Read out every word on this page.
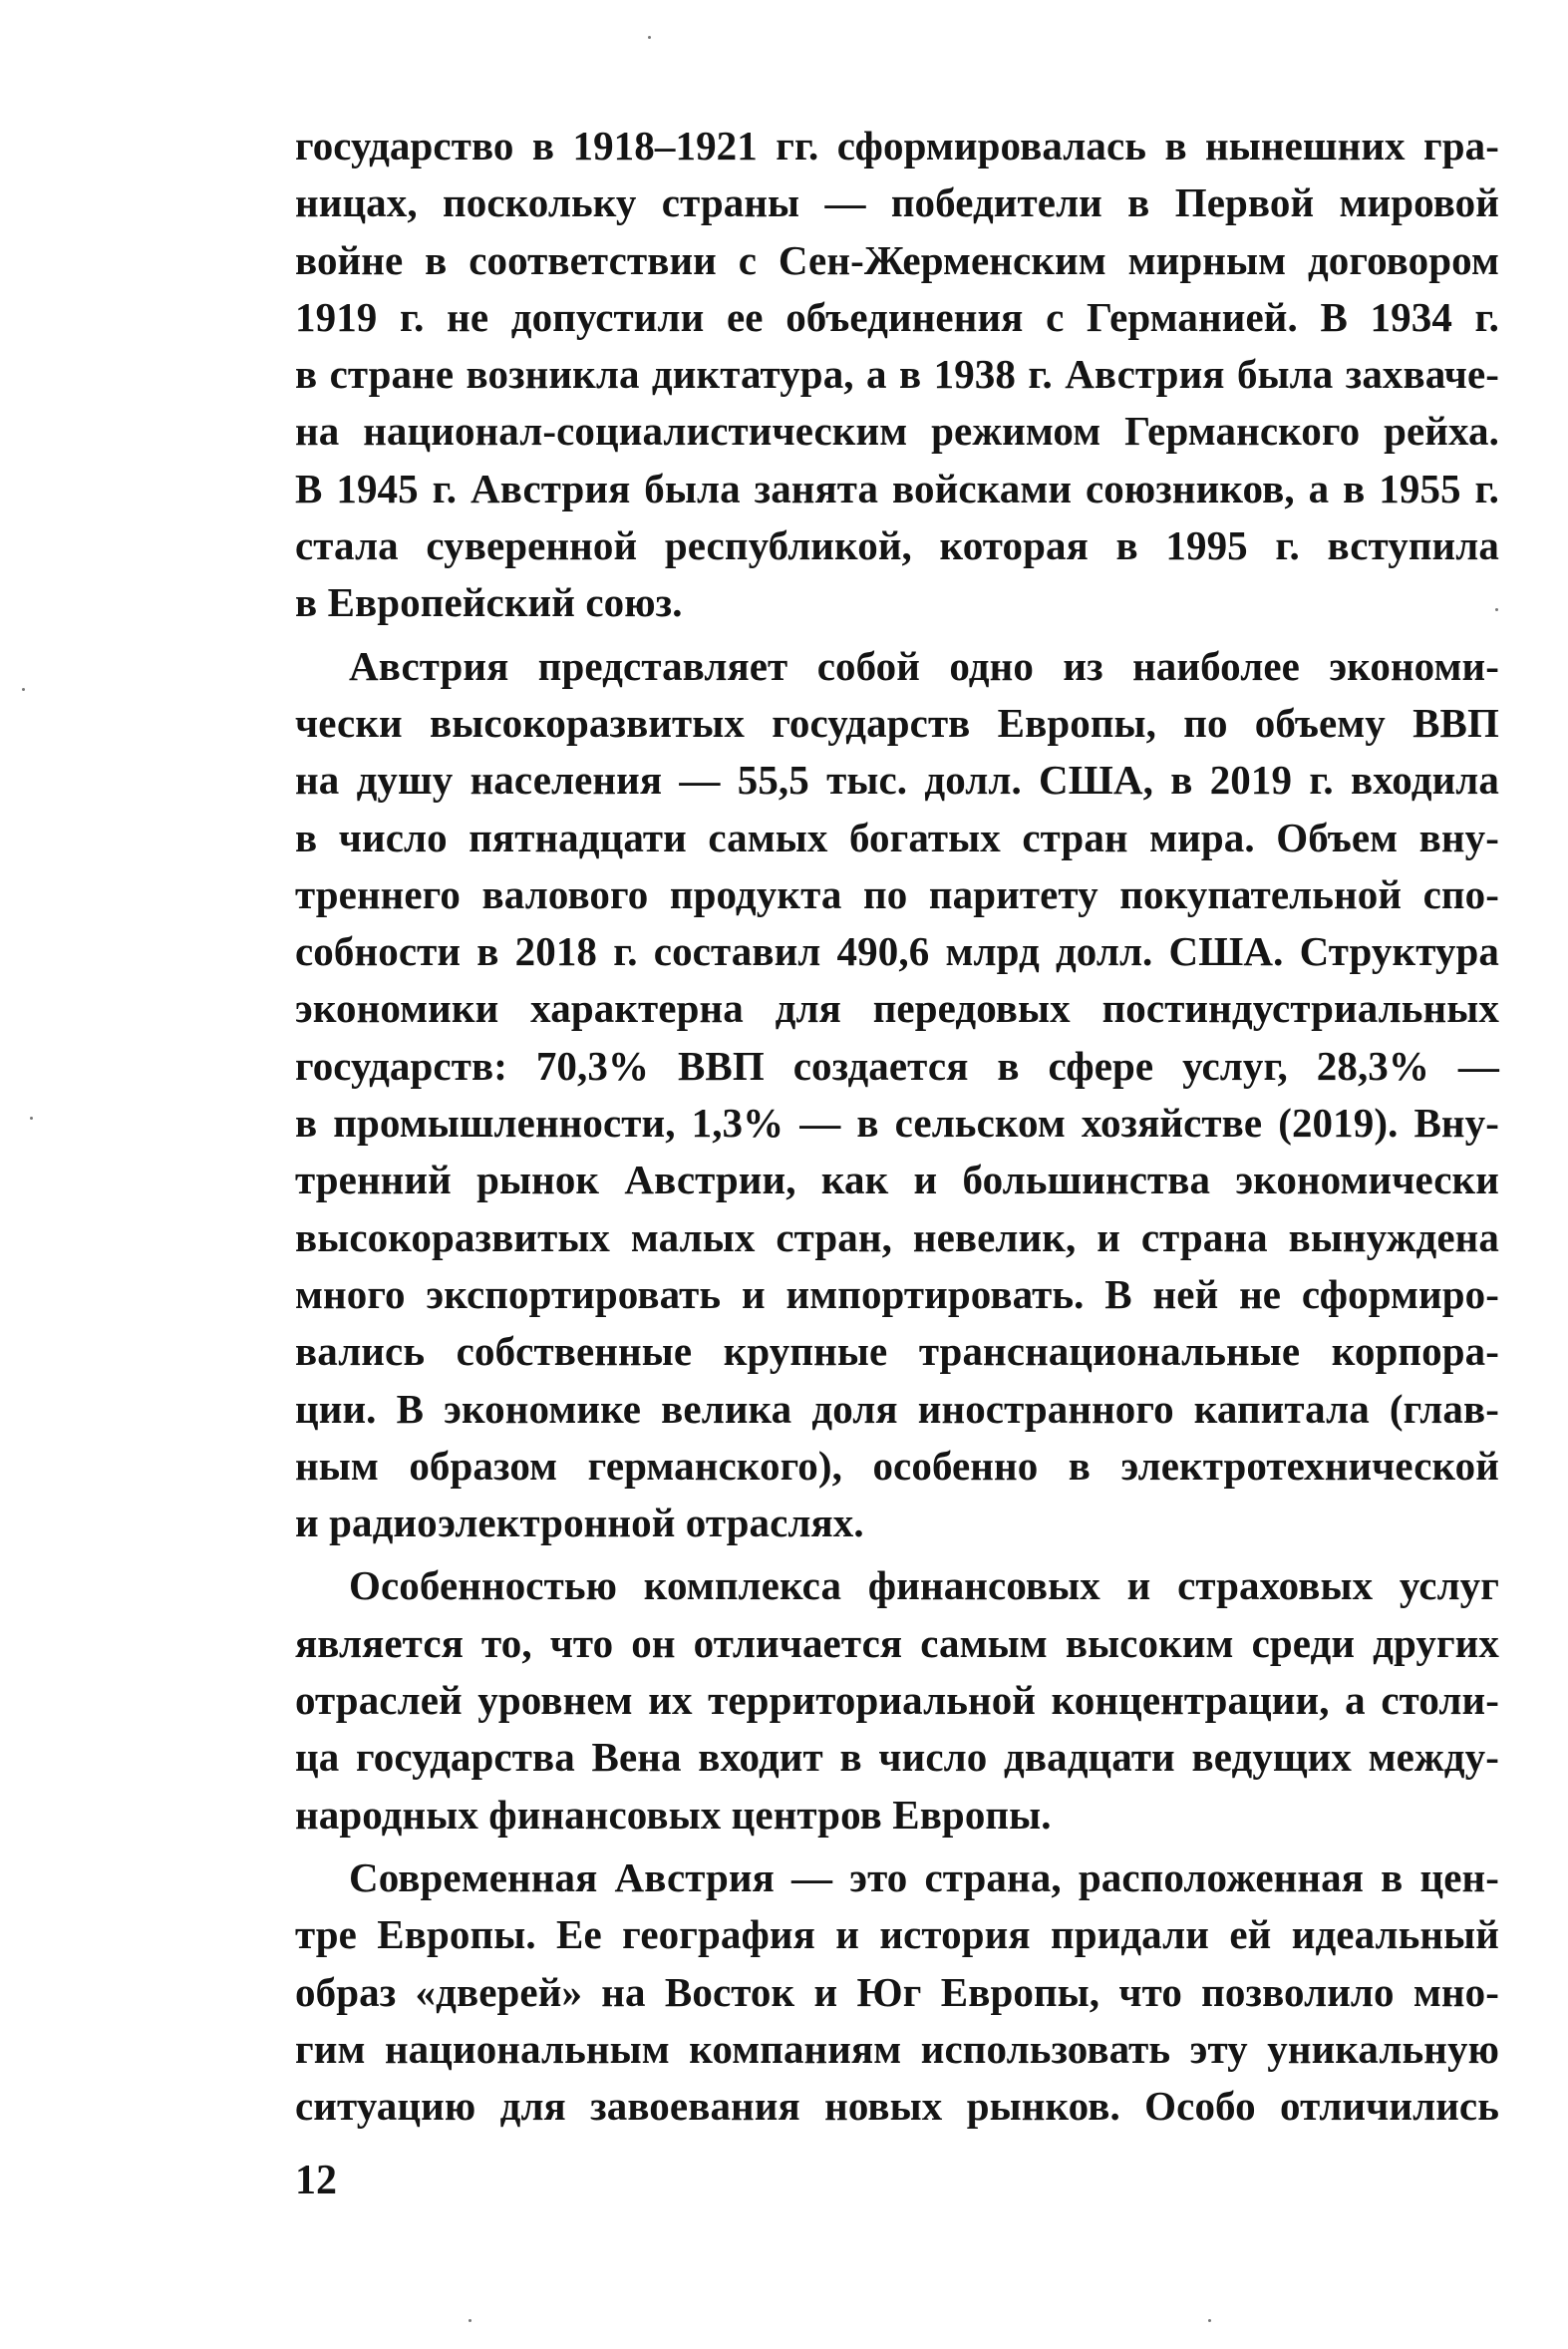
государство в 1918–1921 гг. сформировалась в нынешних гра-
ницах, поскольку страны — победители в Первой мировой
войне в соответствии с Сен-Жерменским мирным договором
1919 г. не допустили ее объединения с Германией. В 1934 г.
в стране возникла диктатура, а в 1938 г. Австрия была захваче-
на национал-социалистическим режимом Германского рейха.
В 1945 г. Австрия была занята войсками союзников, а в 1955 г.
стала суверенной республикой, которая в 1995 г. вступила
в Европейский союз.
Австрия представляет собой одно из наиболее экономи-
чески высокоразвитых государств Европы, по объему ВВП
на душу населения — 55,5 тыс. долл. США, в 2019 г. входила
в число пятнадцати самых богатых стран мира. Объем вну-
треннего валового продукта по паритету покупательной спо-
собности в 2018 г. составил 490,6 млрд долл. США. Структура
экономики характерна для передовых постиндустриальных
государств: 70,3% ВВП создается в сфере услуг, 28,3% —
в промышленности, 1,3% — в сельском хозяйстве (2019). Вну-
тренний рынок Австрии, как и большинства экономически
высокоразвитых малых стран, невелик, и страна вынуждена
много экспортировать и импортировать. В ней не сформиро-
вались собственные крупные транснациональные корпора-
ции. В экономике велика доля иностранного капитала (глав-
ным образом германского), особенно в электротехнической
и радиоэлектронной отраслях.
Особенностью комплекса финансовых и страховых услуг
является то, что он отличается самым высоким среди других
отраслей уровнем их территориальной концентрации, а столи-
ца государства Вена входит в число двадцати ведущих между-
народных финансовых центров Европы.
Современная Австрия — это страна, расположенная в цен-
тре Европы. Ее география и история придали ей идеальный
образ «дверей» на Восток и Юг Европы, что позволило мно-
гим национальным компаниям использовать эту уникальную
ситуацию для завоевания новых рынков. Особо отличились
12
